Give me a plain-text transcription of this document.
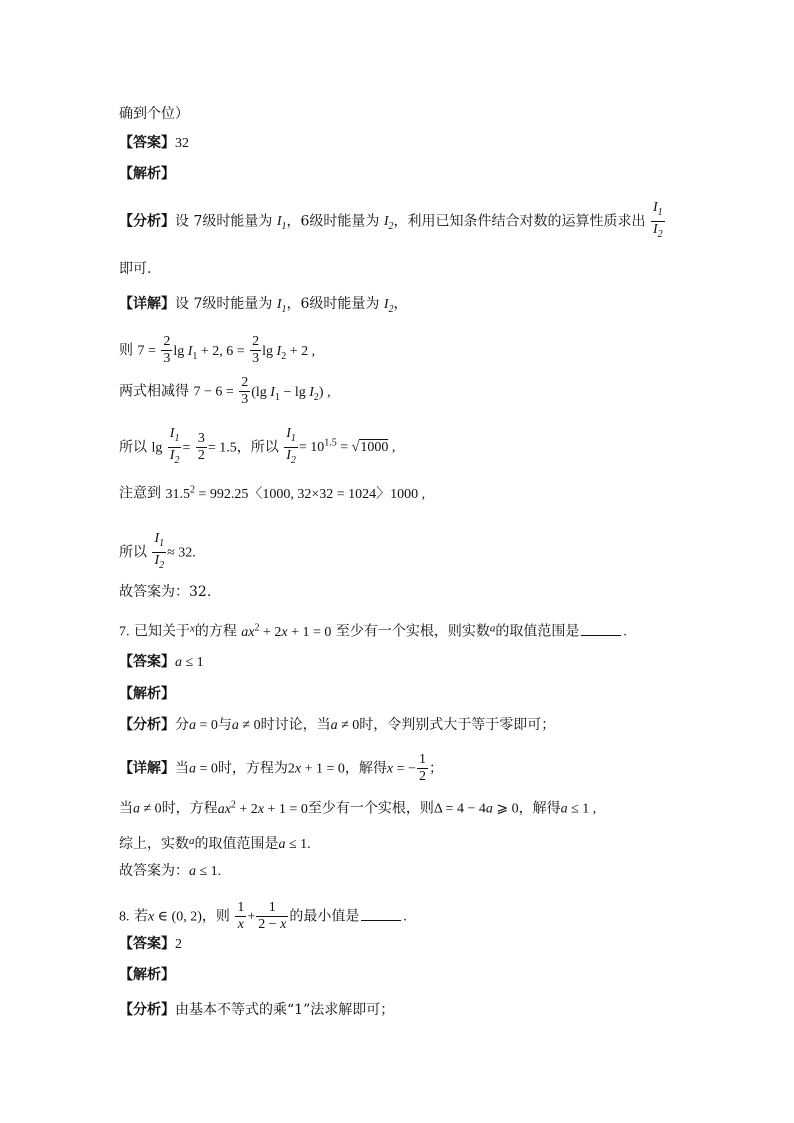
确到个位）
【答案】32
【解析】
【分析】设 7级时能量为 $I_1$，6级时能量为 $I_2$，利用已知条件结合对数的运算性质求出 $\frac{I_1}{I_2}$
即可.
【详解】设 7级时能量为 $I_1$，6级时能量为 $I_2$，
则 $7 = \frac{2}{3}$ $\lg I_1 + 2$, $6 = \frac{2}{3}$ $\lg I_2 + 2$ ,
两式相减得 $7 - 6 = \frac{2}{3} (\lg$ $I_1 - \lg I_2$) ,
所以 $\lg \frac{I_1}{I_2} = \frac{3}{2} = 1.5$，所以 $\frac{I_1}{I_2} = 10^{1.5} = √1000$ ,
注意到 $31.5^2 = 992.25$〈1000, 32×32 = 1024〉1000 ,
所以 $\frac{I_1}{I_2} \approx 32$.
故答案为：32.
7. 已知关于$^x$的方程 $ax^2 + 2x + 1 = 0$ 至少有一个实根，则实数$^a$的取值范围是	.
【答案】a ≤ 1
【解析】
【分析】分a = 0与a ≠ 0时讨论，当a ≠ 0时，令判别式大于等于零即可；
【详解】当a = 0时，方程为2x + 1 = 0，解得x = − $\frac{1}{2}$ ；
当a ≠ 0时，方程$ax^2 + 2x + 1 = 0$至少有一个实根，则Δ = 4 − 4a ⩾ 0，解得a ≤ 1 ,
综上，实数$^a$的取值范围是a ≤ 1.
故答案为：a ≤ 1.
8. 若x ∈ (0, 2)，则 $\frac{1}{x} + \frac{1}{2 - x}$ 的最小值是	.
【答案】2
【解析】
【分析】由基本不等式的乘“1”法求解即可；
